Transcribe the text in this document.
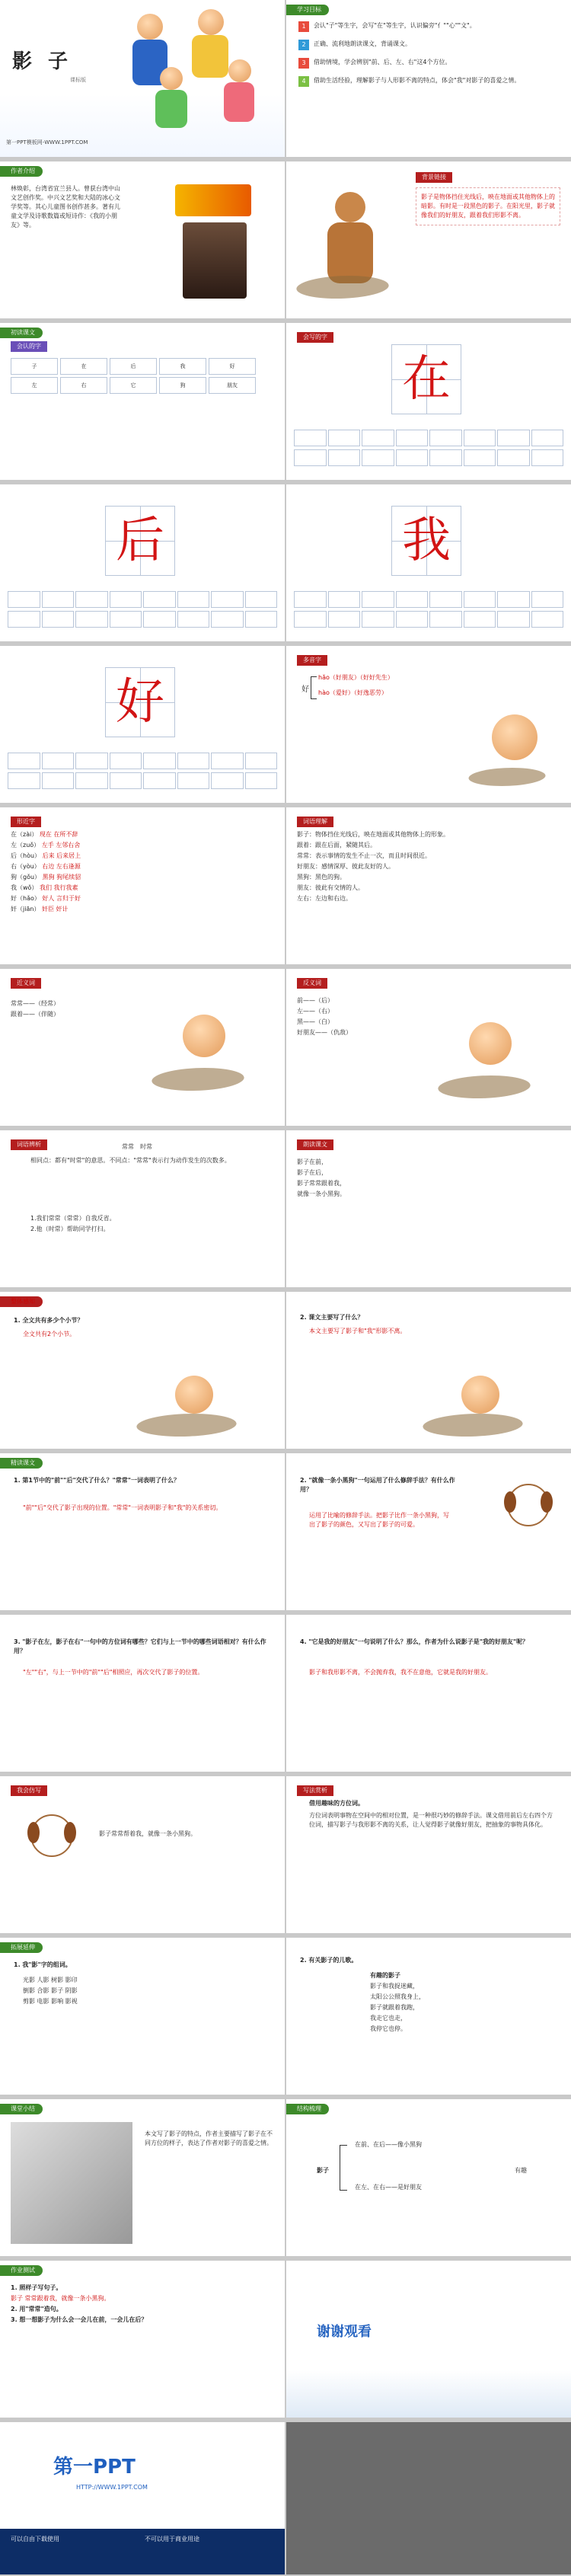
影 子
课标版
第一PPT模板网-WWW.1PPT.COM
学习目标
1	会认"子"等生字，会写"在"等生字，认识偏旁"亻""心""文"。
2	正确、流利地朗读课文，背诵课文。
3	借助情境，学会辨别"前、后、左、右"这4个方位。
4	借助生活经验，理解影子与人形影不离的特点，体会"我"对影子的喜爱之情。
作者介绍
林焕彰，台湾省宜兰县人。曾获台湾中山文艺创作奖。中兴文艺奖和大陆的冰心文学奖等。其心儿童图书创作甚多。著有儿童文学及诗歌数篇或短诗作：《我的小朋友》等。
背景链接
影子是物体挡住光线后，映在地面或其他物体上的暗影。有时是一段黑色的影子。在阳光里，影子就像我们的好朋友，跟着我们形影不离。
初读课文
会认的字
子	在	后	我	好
左	右	它	狗	朋友
会写的字
在
后	我
好
多音字
好
hǎo（好朋友）（好好先生）
hào（爱好）（好逸恶劳）
形近字

在（zài） 现在 在所不辞

左（zuǒ） 左手 左邻右舍

后（hòu） 后来 后来居上

右（yòu） 右边 左右逢源

狗（gǒu） 黑狗 狗尾续貂

我（wǒ） 我们 我行我素

好（hǎo） 好人 言归于好

奸（jiān） 奸臣 奸计

词语理解

影子：物体挡住光线后，映在地面或其他物体上的形象。

跟着：跟在后面，紧随其后。

常常：表示事情的发生不止一次，而且时间很近。

好朋友：感情深厚、彼此友好的人。

黑狗：黑色的狗。

朋友：彼此有交情的人。

左右：左边和右边。

近义词

常常——（经常）

跟着——（伴随）

反义词

前——（后）

左——（右）

黑——（白）

好朋友——（仇敌）

词语辨析	常常　 时常
相同点：都有"时常"的意思。不同点："常常"表示行为动作发生的次数多。

1.我们常常（常常）自我反省。

2.他（时常）帮助同学打扫。

朗读课文

影子在前，

影子在后，

影子常常跟着我，

就像一条小黑狗。

整体感知
1. 全文共有多少个小节？
全文共有2个小节。
2. 课文主要写了什么？
本文主要写了影子和"我"形影不离。
精读课文
1. 第1节中的"前""后"交代了什么？"常常"一词表明了什么？
"前""后"交代了影子出现的位置。"常常"一词表明影子和"我"的关系密切。
2. "就像一条小黑狗"一句运用了什么修辞手法？有什么作用？
运用了比喻的修辞手法。把影子比作一条小黑狗，写出了影子的颜色，又写出了影子的可爱。
3. "影子在左，影子在右"一句中的方位词有哪些？它们与上一节中的哪些词语相对？有什么作用？
"左""右"，与上一节中的"前""后"相照应，再次交代了影子的位置。
4. "它是我的好朋友"一句说明了什么？那么，作者为什么说影子是"我的好朋友"呢？
影子和我形影不离，不会抛弃我，我不在意他，它就是我的好朋友。
我会仿写
影子常常帮着我，就像一条小黑狗。
写法赏析
借用趣味的方位词。
方位词表明事物在空间中的相对位置，是一种很巧妙的修辞手法。课文借用前后左右四个方位词，描写影子与我形影不离的关系，让人觉得影子就像好朋友，把抽象的事物具体化。
拓展延伸
1. 我"影"字的组词。

光影 人影 树影 影印

倒影 合影 影子 阴影

剪影 电影 影响 影视

2. 有关影子的儿歌。

有趣的影子

影子和我捉迷藏，

太阳公公照我身上，

影子就跟着我跑，

我走它也走，

我停它也停。

课堂小结
本文写了影子的特点，作者主要描写了影子在不同方位的样子，表达了作者对影子的喜爱之情。
结构梳理
影子
在前、在后——像小黑狗
在左、在右——是好朋友
有趣
作业测试

1. 照样子写句子。

影子 常常跟着我，就像一条小黑狗。

2. 用"常常"造句。

3. 想一想影子为什么会一会儿在前，一会儿在后？

谢谢观看
第一PPT
HTTP://WWW.1PPT.COM
可以自由下载使用	不可以用于商业用途
